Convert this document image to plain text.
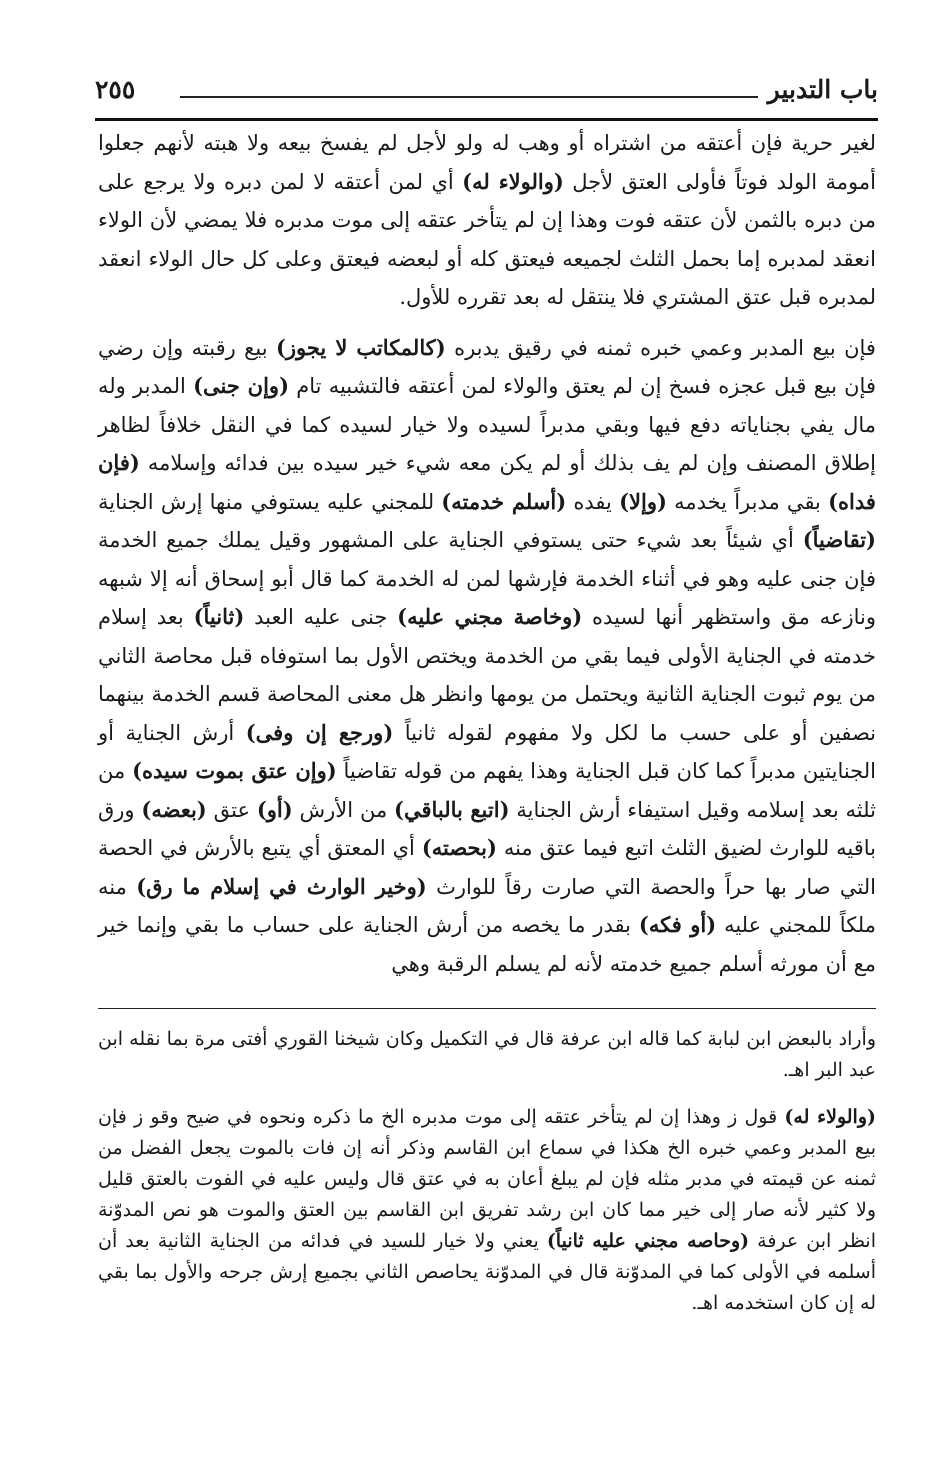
باب التدبير
٢٥٥

لغير حرية فإن أعتقه من اشتراه أو وهب له ولو لأجل لم يفسخ بيعه ولا هبته لأنهم جعلوا أمومة الولد فوتاً فأولى العتق لأجل (والولاء له) أي لمن أعتقه لا لمن دبره ولا يرجع على من دبره بالثمن لأن عتقه فوت وهذا إن لم يتأخر عتقه إلى موت مدبره فلا يمضي لأن الولاء انعقد لمدبره إما بحمل الثلث لجميعه فيعتق كله أو لبعضه فيعتق وعلى كل حال الولاء انعقد لمدبره قبل عتق المشتري فلا ينتقل له بعد تقرره للأول.

فإن بيع المدبر وعمي خبره ثمنه في رقيق يدبره (كالمكاتب لا يجوز) بيع رقبته وإن رضي فإن بيع قبل عجزه فسخ إن لم يعتق والولاء لمن أعتقه فالتشبيه تام (وإن جنى) المدبر وله مال يفي بجناياته دفع فيها وبقي مدبراً لسيده ولا خيار لسيده كما في النقل خلافاً لظاهر إطلاق المصنف وإن لم يف بذلك أو لم يكن معه شيء خير سيده بين فدائه وإسلامه (فإن فداه) بقي مدبراً يخدمه (وإلا) يفده (أسلم خدمته) للمجني عليه يستوفي منها إرش الجناية (تقاضياً) أي شيئاً بعد شيء حتى يستوفي الجناية على المشهور وقيل يملك جميع الخدمة فإن جنى عليه وهو في أثناء الخدمة فإرشها لمن له الخدمة كما قال أبو إسحاق أنه إلا شبهه ونازعه مق واستظهر أنها لسيده (وخاصة مجني عليه) جنى عليه العبد (ثانياً) بعد إسلام خدمته في الجناية الأولى فيما بقي من الخدمة ويختص الأول بما استوفاه قبل محاصة الثاني من يوم ثبوت الجناية الثانية ويحتمل من يومها وانظر هل معنى المحاصة قسم الخدمة بينهما نصفين أو على حسب ما لكل ولا مفهوم لقوله ثانياً (ورجع إن وفى) أرش الجناية أو الجنايتين مدبراً كما كان قبل الجناية وهذا يفهم من قوله تقاضياً (وإن عتق بموت سيده) من ثلثه بعد إسلامه وقيل استيفاء أرش الجناية (اتبع بالباقي) من الأرش (أو) عتق (بعضه) ورق باقيه للوارث لضيق الثلث اتبع فيما عتق منه (بحصته) أي المعتق أي يتبع بالأرش في الحصة التي صار بها حراً والحصة التي صارت رقاً للوارث (وخير الوارث في إسلام ما رق) منه ملكاً للمجني عليه (أو فكه) بقدر ما يخصه من أرش الجناية على حساب ما بقي وإنما خير مع أن مورثه أسلم جميع خدمته لأنه لم يسلم الرقبة وهي

وأراد بالبعض ابن لبابة كما قاله ابن عرفة قال في التكميل وكان شيخنا القوري أفتى مرة بما نقله ابن عبد البر اهـ.

(والولاء له) قول ز وهذا إن لم يتأخر عتقه إلى موت مدبره الخ ما ذكره ونحوه في ضيح وقو ز فإن بيع المدبر وعمي خبره الخ هكذا في سماع ابن القاسم وذكر أنه إن فات بالموت يجعل الفضل من ثمنه عن قيمته في مدبر مثله فإن لم يبلغ أعان به في عتق قال وليس عليه في الفوت بالعتق قليل ولا كثير لأنه صار إلى خير مما كان ابن رشد تفريق ابن القاسم بين العتق والموت هو نص المدوّنة انظر ابن عرفة (وحاصه مجني عليه ثانياً) يعني ولا خيار للسيد في فدائه من الجناية الثانية بعد أن أسلمه في الأولى كما في المدوّنة قال في المدوّنة يحاصص الثاني بجميع إرش جرحه والأول بما بقي له إن كان استخدمه اهـ.
